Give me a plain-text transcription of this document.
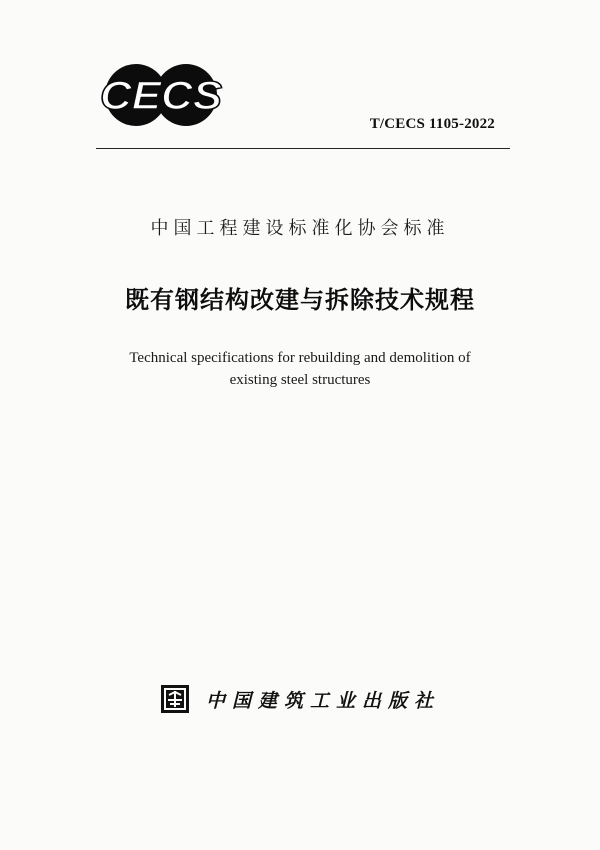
CECS
T/CECS 1105-2022
中国工程建设标准化协会标准
既有钢结构改建与拆除技术规程
Technical specifications for rebuilding and demolition of
existing steel structures
中国建筑工业出版社
